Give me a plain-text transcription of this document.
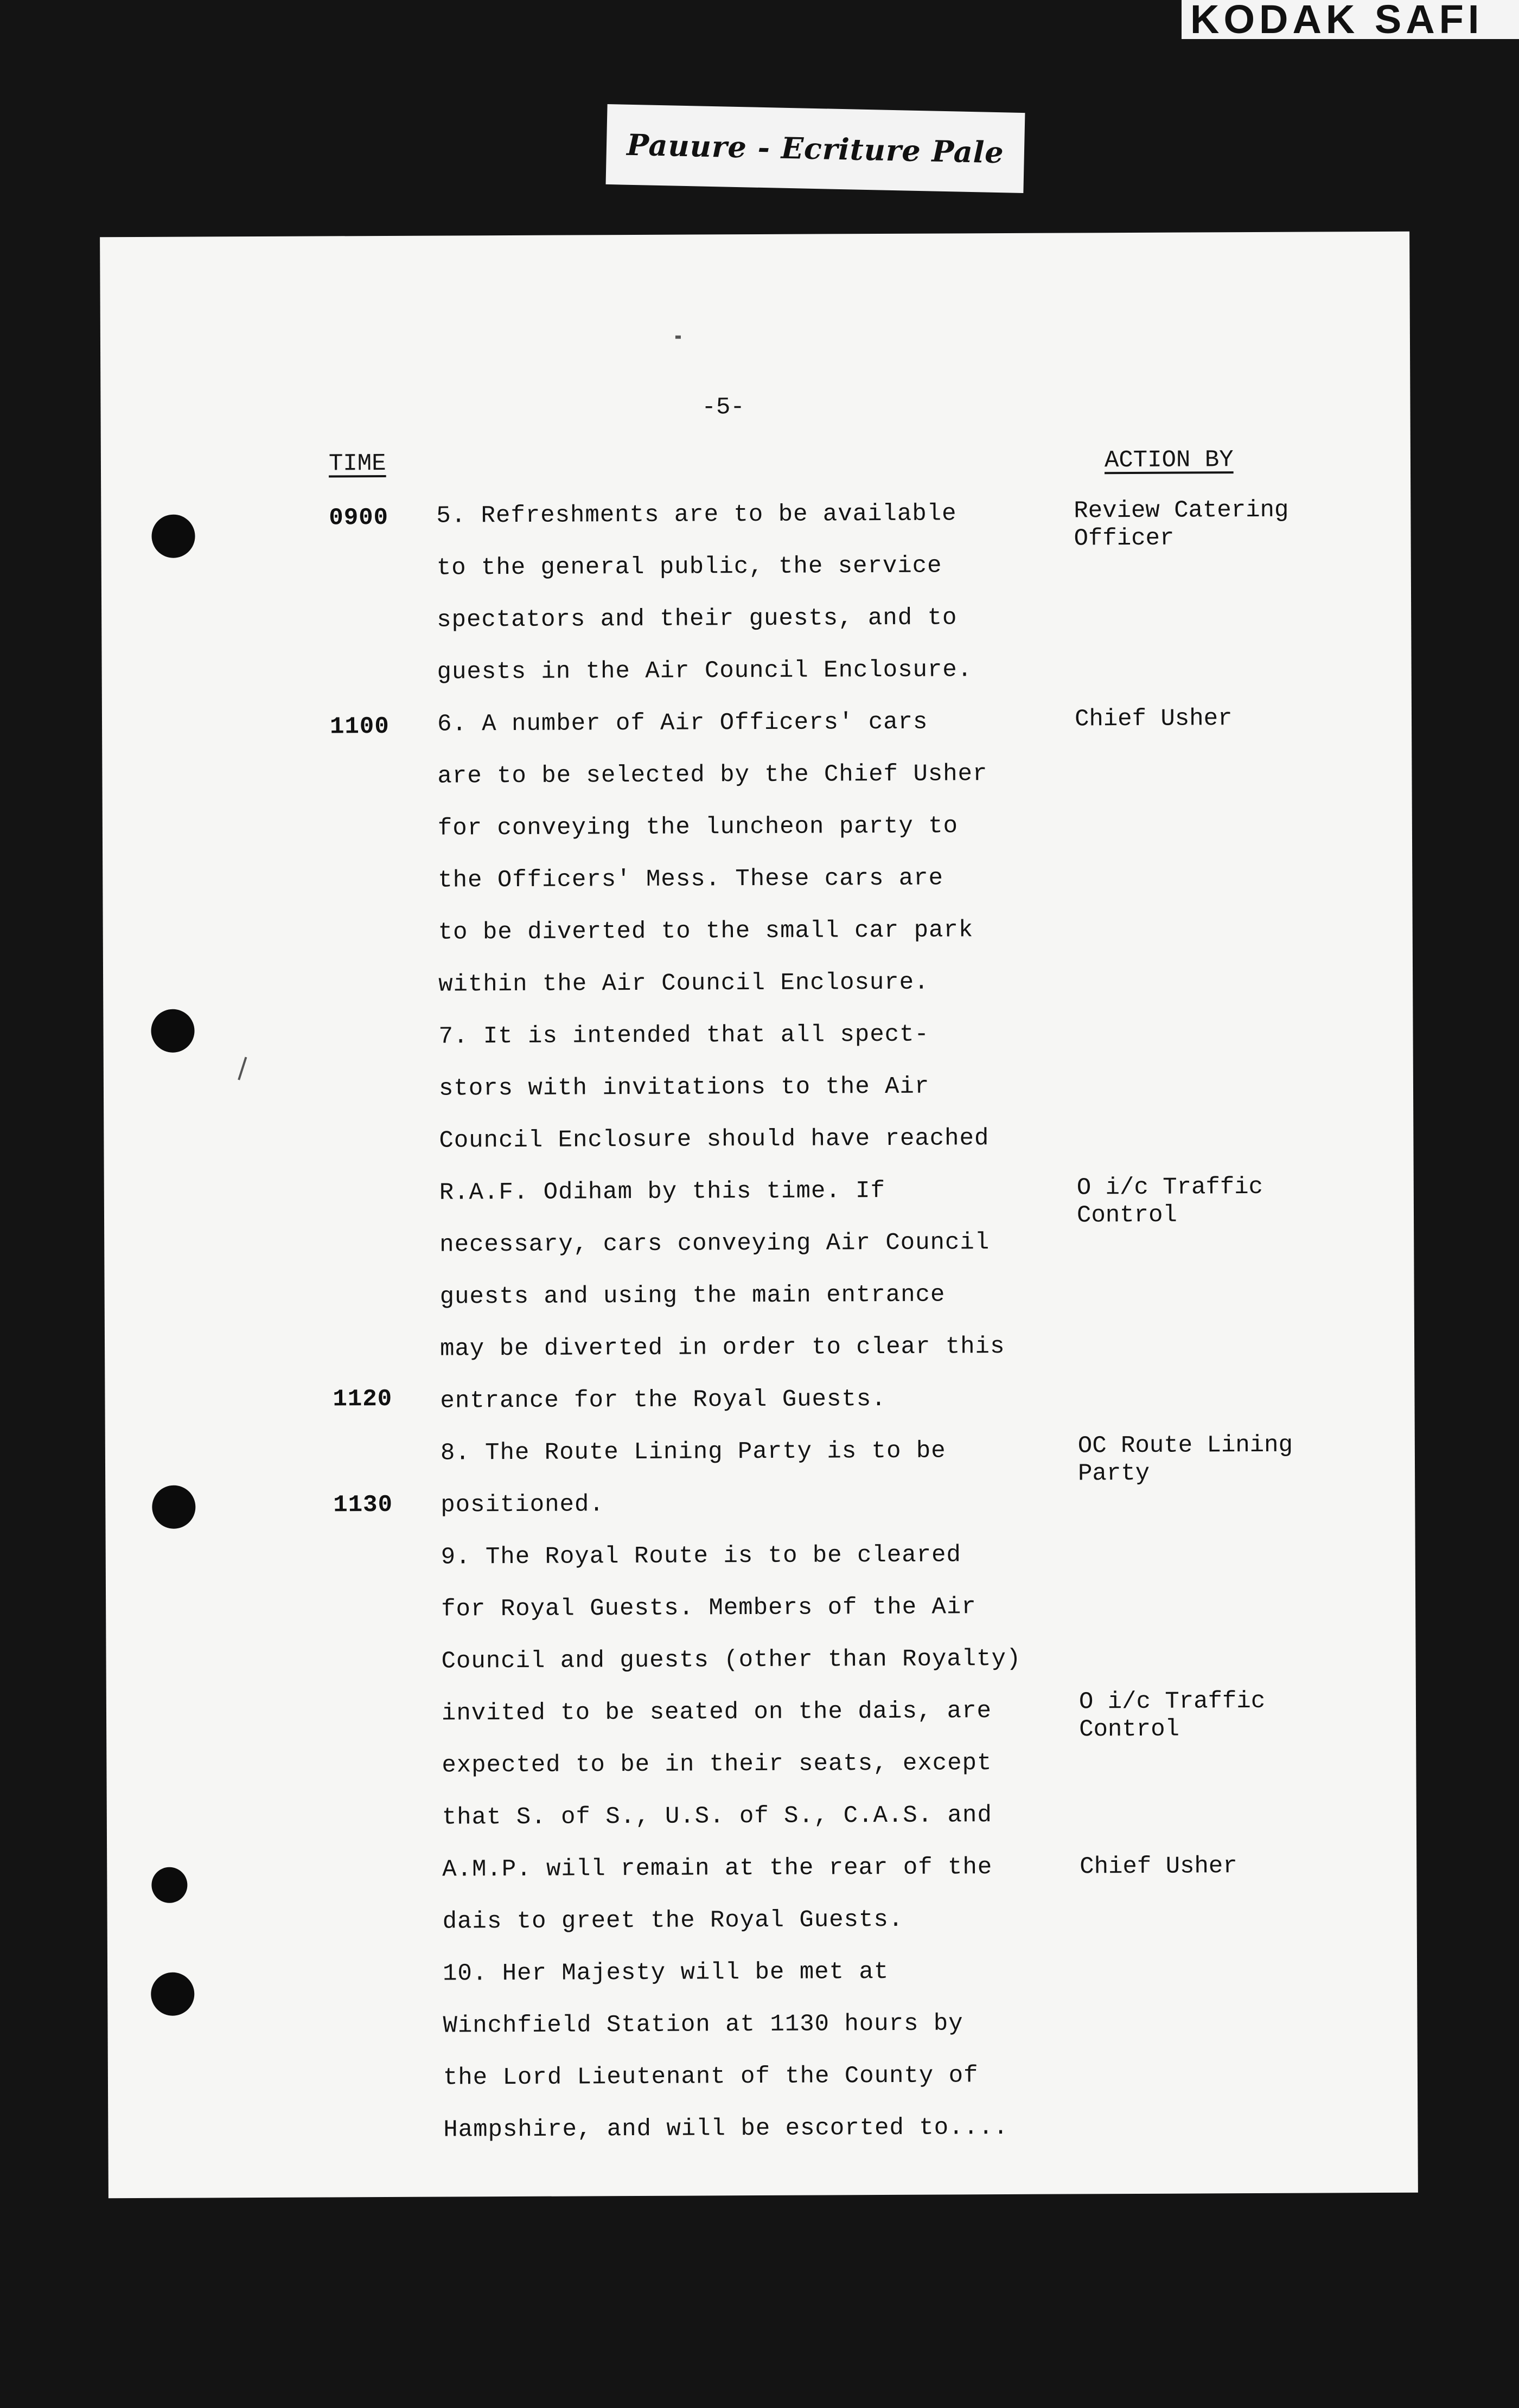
KODAK SAFI
Pauure - Ecriture Pale
-5-
TIME	ACTION BY
0900
1100
1120
1130
5. Refreshments are to be available
to the general public, the service
spectators and their guests, and to
guests in the Air Council Enclosure.
6. A number of Air Officers' cars
are to be selected by the Chief Usher
for conveying the luncheon party to
the Officers' Mess. These cars are
to be diverted to the small car park
within the Air Council Enclosure.
7. It is intended that all spect-
stors with invitations to the Air
Council Enclosure should have reached
R.A.F. Odiham by this time. If
necessary, cars conveying Air Council
guests and using the main entrance
may be diverted in order to clear this
entrance for the Royal Guests.
8. The Route Lining Party is to be
positioned.
9. The Royal Route is to be cleared
for Royal Guests. Members of the Air
Council and guests (other than Royalty)
invited to be seated on the dais, are
expected to be in their seats, except
that S. of S., U.S. of S., C.A.S. and
A.M.P. will remain at the rear of the
dais to greet the Royal Guests.
10. Her Majesty will be met at
Winchfield Station at 1130 hours by
the Lord Lieutenant of the County of
Hampshire, and will be escorted to....
Review Catering
Officer
Chief Usher
O i/c Traffic
Control
OC Route Lining
Party
O i/c Traffic
Control
Chief Usher
